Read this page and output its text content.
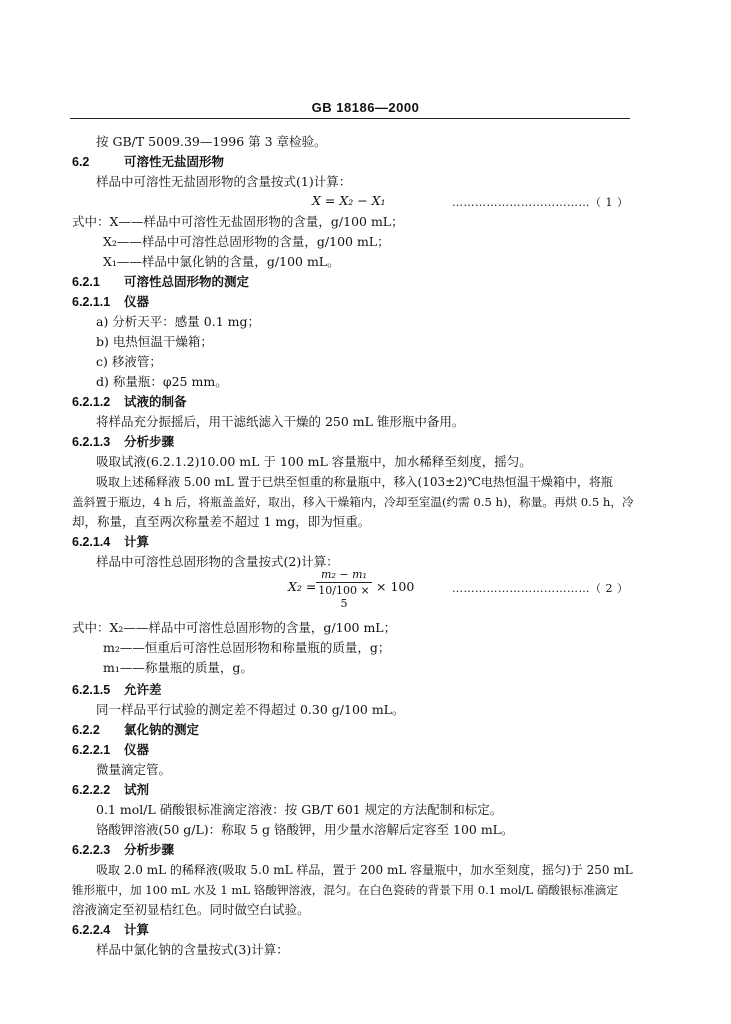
GB 18186—2000
按 GB/T 5009.39—1996 第 3 章检验。
6.2	可溶性无盐固形物
样品中可溶性无盐固形物的含量按式(1)计算：
X = X₂ − X₁	………………………………（ 1 ）
式中：X——样品中可溶性无盐固形物的含量，g/100 mL；
X₂——样品中可溶性总固形物的含量，g/100 mL；
X₁——样品中氯化钠的含量，g/100 mL。
6.2.1 可溶性总固形物的测定
6.2.1.1 仪器
a) 分析天平：感量 0.1 mg；
b) 电热恒温干燥箱；
c) 移液管；
d) 称量瓶：φ25 mm。
6.2.1.2 试液的制备
将样品充分振摇后，用干滤纸滤入干燥的 250 mL 锥形瓶中备用。
6.2.1.3 分析步骤
吸取试液(6.2.1.2)10.00 mL 于 100 mL 容量瓶中，加水稀释至刻度，摇匀。
吸取上述稀释液 5.00 mL 置于已烘至恒重的称量瓶中，移入(103±2)℃电热恒温干燥箱中，将瓶
盖斜置于瓶边，4 h 后，将瓶盖盖好，取出，移入干燥箱内，冷却至室温(约需 0.5 h)，称量。再烘 0.5 h，冷
却，称量，直至两次称量差不超过 1 mg，即为恒重。
6.2.1.4 计算
样品中可溶性总固形物的含量按式(2)计算：
X₂ =
m₂ − m₁
10/100 × 5
× 100	………………………………（ 2 ）
式中：X₂——样品中可溶性总固形物的含量，g/100 mL；
m₂——恒重后可溶性总固形物和称量瓶的质量，g；
m₁——称量瓶的质量，g。
6.2.1.5 允许差
同一样品平行试验的测定差不得超过 0.30 g/100 mL。
6.2.2 氯化钠的测定
6.2.2.1 仪器
微量滴定管。
6.2.2.2 试剂
0.1 mol/L 硝酸银标准滴定溶液：按 GB/T 601 规定的方法配制和标定。
铬酸钾溶液(50 g/L)：称取 5 g 铬酸钾，用少量水溶解后定容至 100 mL。
6.2.2.3 分析步骤
吸取 2.0 mL 的稀释液(吸取 5.0 mL 样品，置于 200 mL 容量瓶中，加水至刻度，摇匀)于 250 mL
锥形瓶中，加 100 mL 水及 1 mL 铬酸钾溶液，混匀。在白色瓷砖的背景下用 0.1 mol/L 硝酸银标准滴定
溶液滴定至初显桔红色。同时做空白试验。
6.2.2.4 计算
样品中氯化钠的含量按式(3)计算：
